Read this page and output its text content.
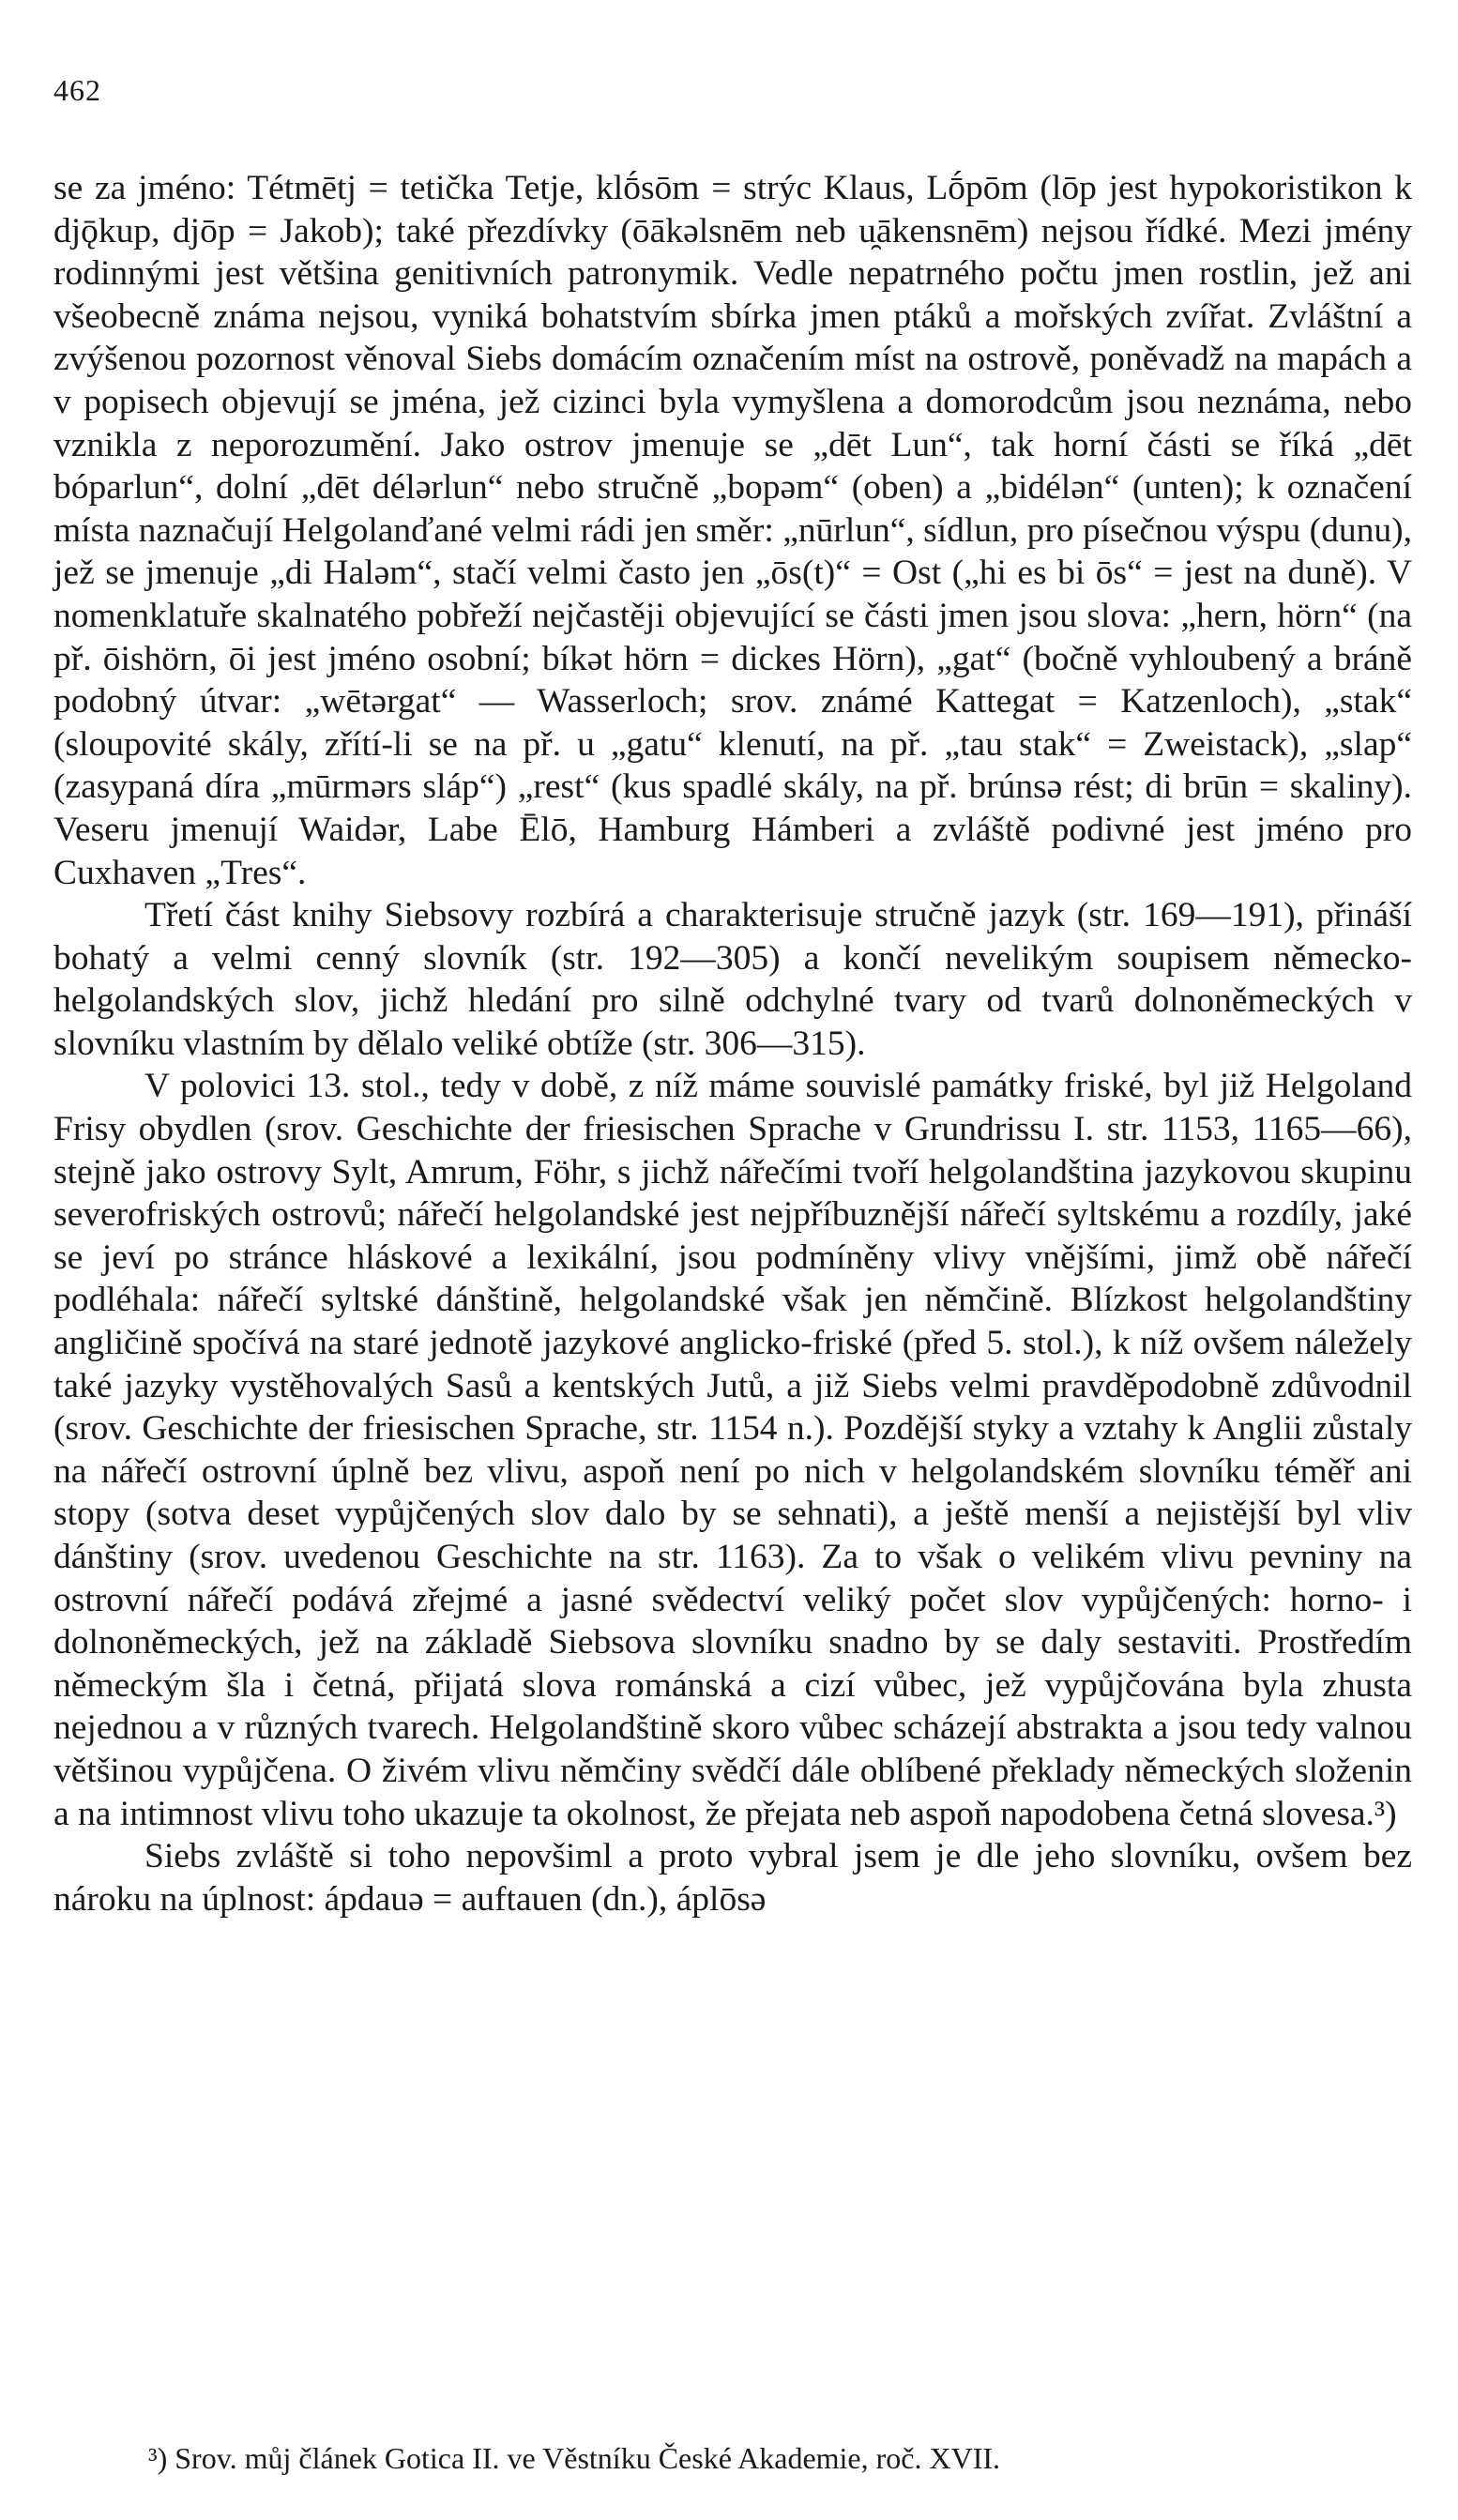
462

se za jméno: Tétmētj = tetička Tetje, klṓsōm = strýc Klaus, Lṓpōm (lōp jest hypokoristikon k djǭkup, djōp = Jakob); také přezdívky (ōākəlsnēm neb u̯ākensnēm) nejsou řídké. Mezi jmény rodinnými jest většina genitivních patronymik. Vedle nepatrného počtu jmen rostlin, jež ani všeobecně známa nejsou, vyniká bohatstvím sbírka jmen ptáků a mořských zvířat. Zvláštní a zvýšenou pozornost věnoval Siebs domácím označením míst na ostrově, poněvadž na mapách a v popisech objevují se jména, jež cizinci byla vymyšlena a domorodcům jsou neznáma, nebo vznikla z neporozumění. Jako ostrov jmenuje se „dēt Lun“, tak horní části se říká „dēt bóparlun“, dolní „dēt délərlun“ nebo stručně „bopəm“ (oben) a „bidélən“ (unten); k označení místa naznačují Helgolanďané velmi rádi jen směr: „nūrlun“, sídlun, pro písečnou výspu (dunu), jež se jmenuje „di Haləm“, stačí velmi často jen „ōs(t)“ = Ost („hi es bi ōs“ = jest na duně). V nomenklatuře skalnatého pobřeží nejčastěji objevující se části jmen jsou slova: „hern, hörn“ (na př. ōishörn, ōi jest jméno osobní; bíkət hörn = dickes Hörn), „gat“ (bočně vyhloubený a bráně podobný útvar: „wētərgat“ — Wasserloch; srov. známé Kattegat = Katzenloch), „stak“ (sloupovité skály, zřítí-li se na př. u „gatu“ klenutí, na př. „tau stak“ = Zweistack), „slap“ (zasypaná díra „mūrmərs sláp“) „rest“ (kus spadlé skály, na př. brúnsə rést; di brūn = skaliny). Veseru jmenují Waidər, Labe Ēlō, Hamburg Hámberi a zvláště podivné jest jméno pro Cuxhaven „Tres“.

Třetí část knihy Siebsovy rozbírá a charakterisuje stručně jazyk (str. 169—191), přináší bohatý a velmi cenný slovník (str. 192—305) a končí nevelikým soupisem německo-helgolandských slov, jichž hledání pro silně odchylné tvary od tvarů dolnoněmeckých v slovníku vlastním by dělalo veliké obtíže (str. 306—315).

V polovici 13. stol., tedy v době, z níž máme souvislé památky friské, byl již Helgoland Frisy obydlen (srov. Geschichte der friesischen Sprache v Grundrissu I. str. 1153, 1165—66), stejně jako ostrovy Sylt, Amrum, Föhr, s jichž nářečími tvoří helgolandština jazykovou skupinu severofriských ostrovů; nářečí helgolandské jest nejpříbuznější nářečí syltskému a rozdíly, jaké se jeví po stránce hláskové a lexikální, jsou podmíněny vlivy vnějšími, jimž obě nářečí podléhala: nářečí syltské dánštině, helgolandské však jen němčině. Blízkost helgolandštiny angličině spočívá na staré jednotě jazykové anglicko-friské (před 5. stol.), k níž ovšem náležely také jazyky vystěhovalých Sasů a kentských Jutů, a již Siebs velmi pravděpodobně zdůvodnil (srov. Geschichte der friesischen Sprache, str. 1154 n.). Pozdější styky a vztahy k Anglii zůstaly na nářečí ostrovní úplně bez vlivu, aspoň není po nich v helgolandském slovníku téměř ani stopy (sotva deset vypůjčených slov dalo by se sehnati), a ještě menší a nejistější byl vliv dánštiny (srov. uvedenou Geschichte na str. 1163). Za to však o velikém vlivu pevniny na ostrovní nářečí podává zřejmé a jasné svědectví veliký počet slov vypůjčených: horno- i dolnoněmeckých, jež na základě Siebsova slovníku snadno by se daly sestaviti. Prostředím německým šla i četná, přijatá slova románská a cizí vůbec, jež vypůjčována byla zhusta nejednou a v různých tvarech. Helgolandštině skoro vůbec scházejí abstrakta a jsou tedy valnou většinou vypůjčena. O živém vlivu němčiny svědčí dále oblíbené překlady německých složenin a na intimnost vlivu toho ukazuje ta okolnost, že přejata neb aspoň napodobena četná slovesa.³)

Siebs zvláště si toho nepovšiml a proto vybral jsem je dle jeho slovníku, ovšem bez nároku na úplnost: ápdauə = auftauen (dn.), áplōsə

³) Srov. můj článek Gotica II. ve Věstníku České Akademie, roč. XVII.
